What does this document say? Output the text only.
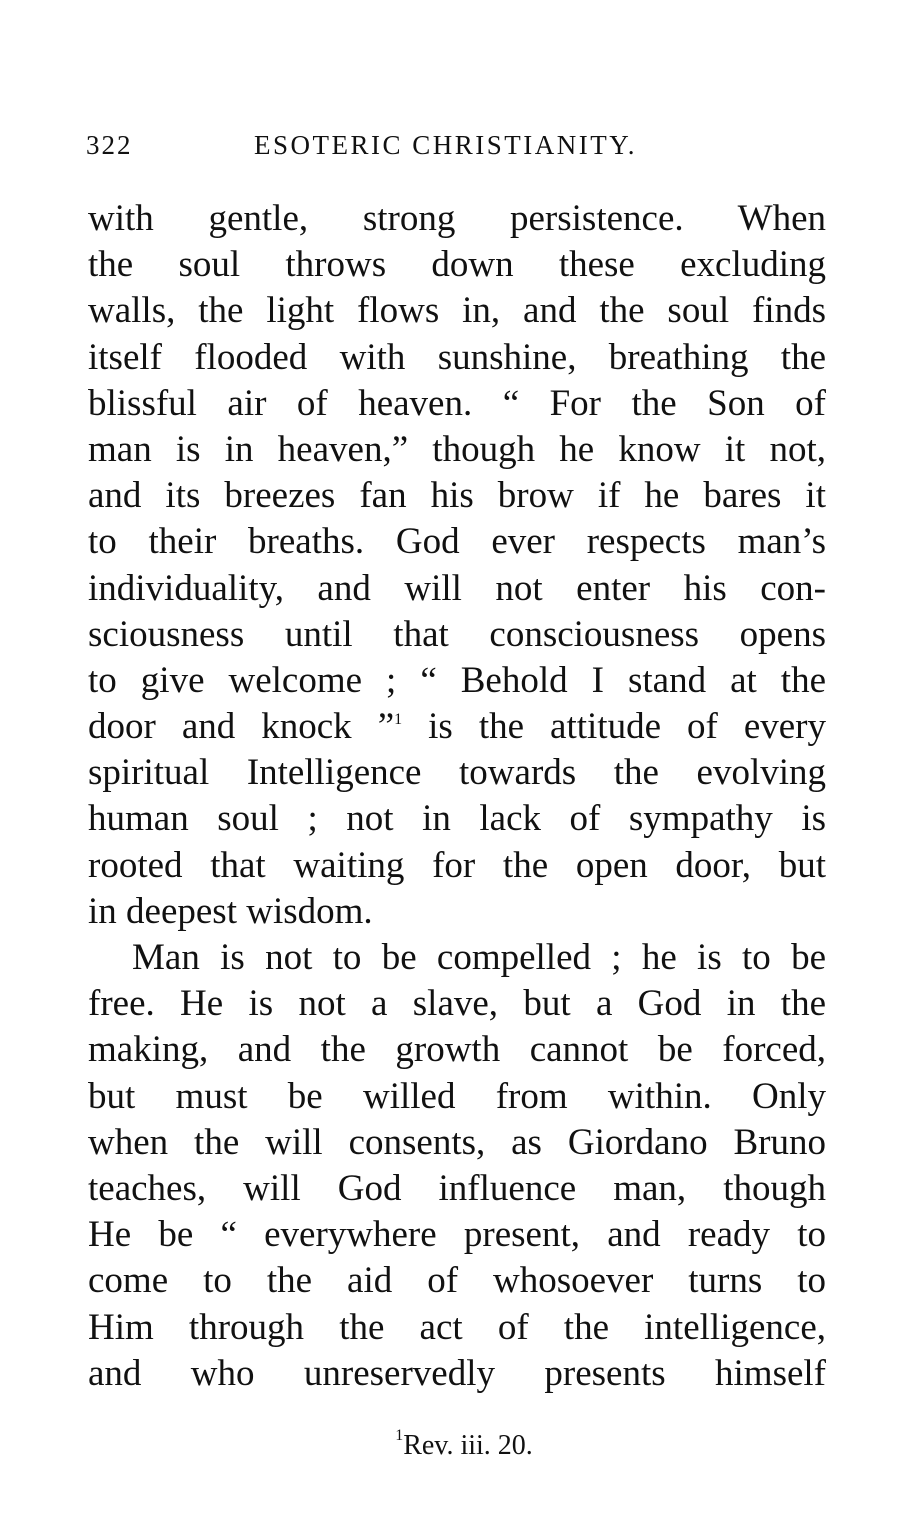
322	ESOTERIC CHRISTIANITY.
with gentle, strong persistence. When
the soul throws down these excluding
walls, the light flows in, and the soul finds
itself flooded with sunshine, breathing the
blissful air of heaven. “ For the Son of
man is in heaven,” though he know it not,
and its breezes fan his brow if he bares it
to their breaths. God ever respects man’s
individuality, and will not enter his con-
sciousness until that consciousness opens
to give welcome ; “ Behold I stand at the
door and knock ”$^1$ is the attitude of every
spiritual Intelligence towards the evolving
human soul ; not in lack of sympathy is
rooted that waiting for the open door, but
in deepest wisdom.
Man is not to be compelled ; he is to be
free. He is not a slave, but a God in the
making, and the growth cannot be forced,
but must be willed from within. Only
when the will consents, as Giordano Bruno
teaches, will God influence man, though
He be “ everywhere present, and ready to
come to the aid of whosoever turns to
Him through the act of the intelligence,
and who unreservedly presents himself
$^1$Rev. iii. 20.
